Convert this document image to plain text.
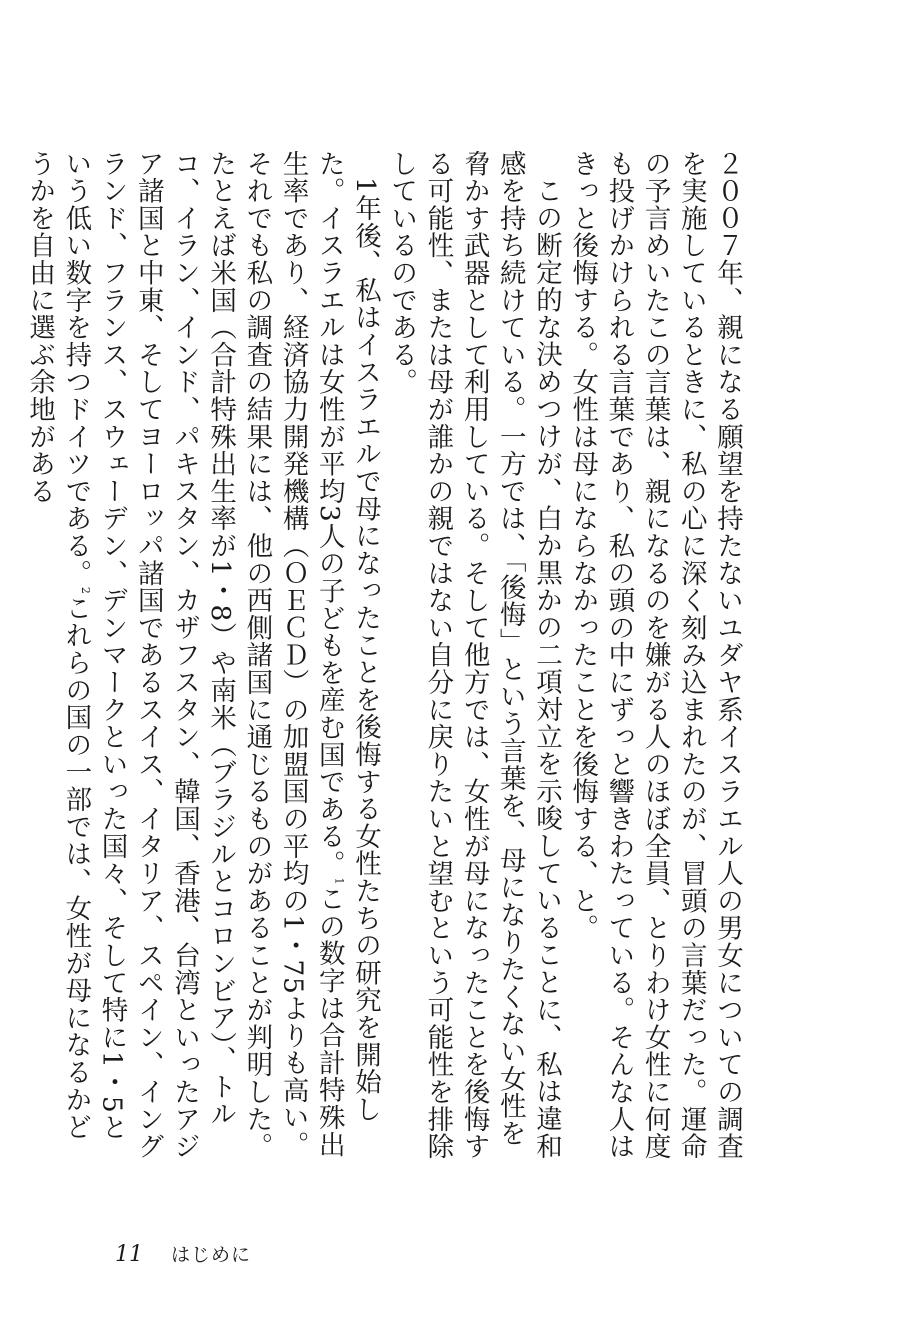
２００７年、親になる願望を持たないユダヤ系イスラエル人の男女についての調査を実施しているときに、私の心に深く刻み込まれたのが、冒頭の言葉だった。運命の予言めいたこの言葉は、親になるのを嫌がる人のほぼ全員、とりわけ女性に何度も投げかけられる言葉であり、私の頭の中にずっと響きわたっている。そんな人はきっと後悔する。女性は母にならなかったことを後悔する、と。

この断定的な決めつけが、白か黒かの二項対立を示唆していることに、私は違和感を持ち続けている。一方では、「後悔」という言葉を、母になりたくない女性を脅かす武器として利用している。そして他方では、女性が母になったことを後悔する可能性、または母が誰かの親ではない自分に戻りたいと望むという可能性を排除しているのである。

1年後、私はイスラエルで母になったことを後悔する女性たちの研究を開始した。イスラエルは女性が平均3人の子どもを産む国である。$^1$この数字は合計特殊出生率であり、経済協力開発機構（ＯＥＣＤ）の加盟国の平均の1・75よりも高い。それでも私の調査の結果には、他の西側諸国に通じるものがあることが判明した。たとえば米国（合計特殊出生率が1・8）や南米（ブラジルとコロンビア）、トルコ、イラン、インド、パキスタン、カザフスタン、韓国、香港、台湾といったアジア諸国と中東、そしてヨーロッパ諸国であるスイス、イタリア、スペイン、イングランド、フランス、スウェーデン、デンマークといった国々、そして特に1・5という低い数字を持つドイツである。$^2$これらの国の一部では、女性が母になるかどうかを自由に選ぶ余地がある

11 はじめに
